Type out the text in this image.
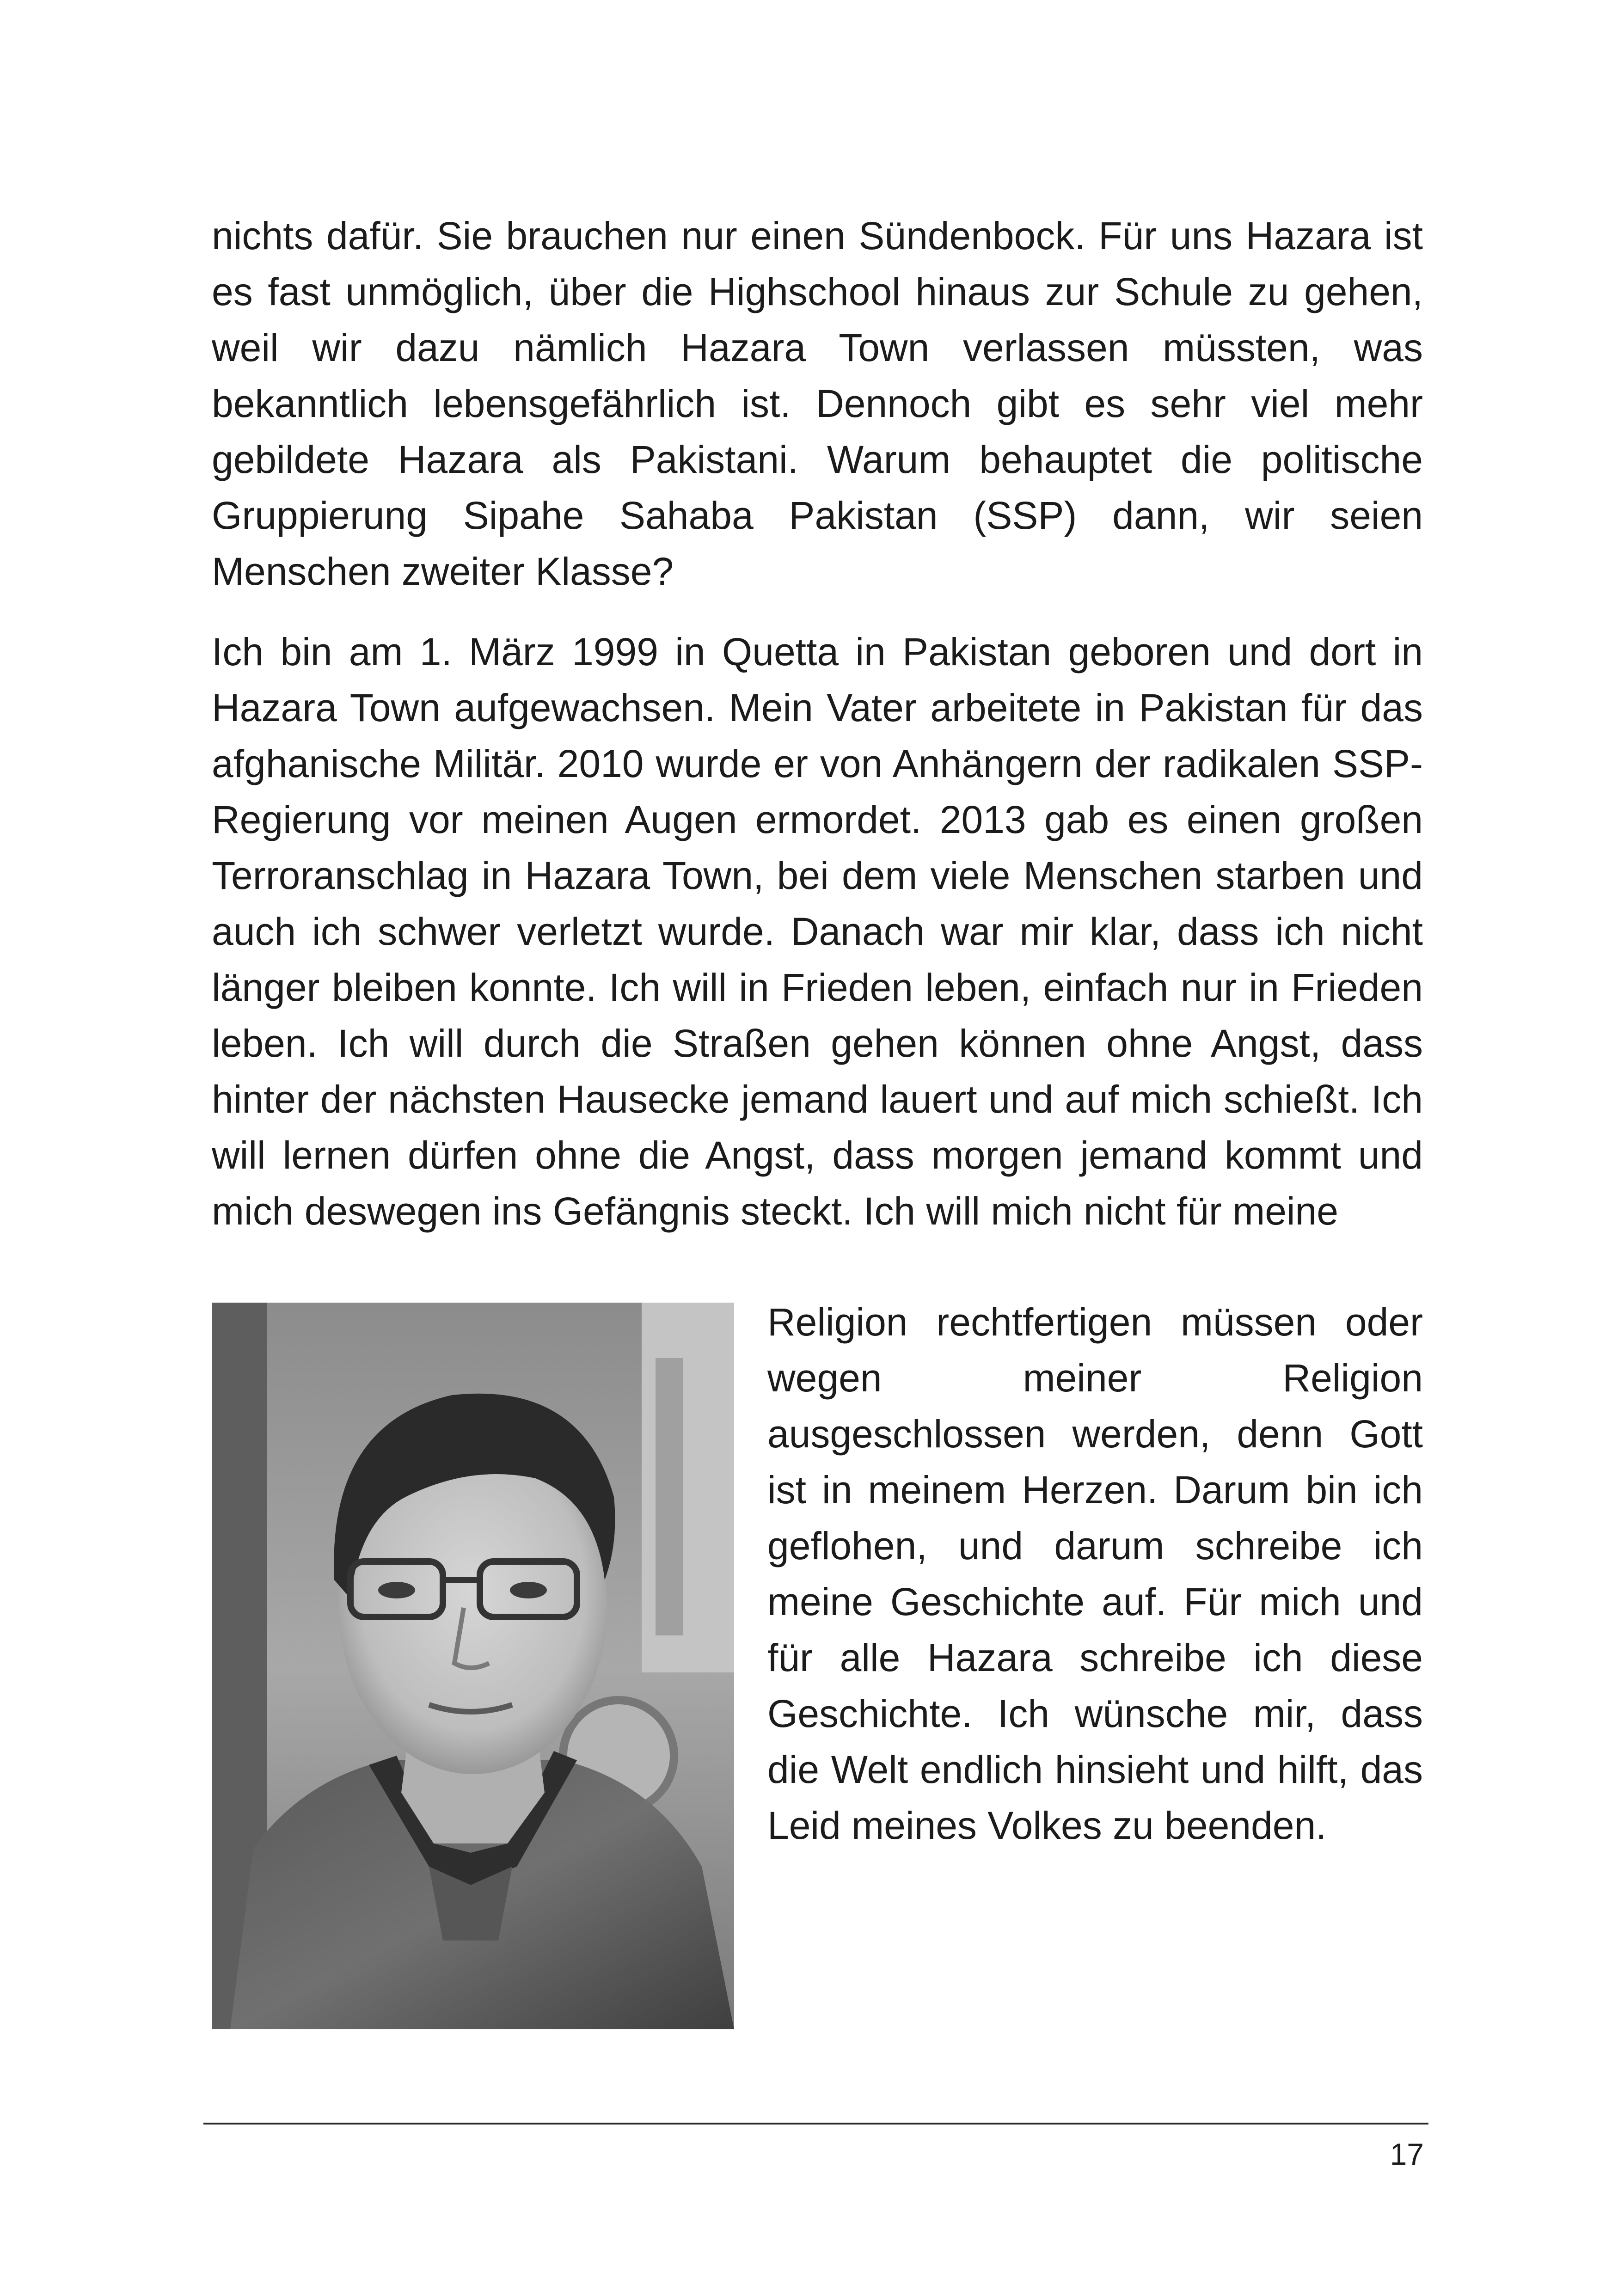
nichts dafür. Sie brauchen nur einen Sündenbock. Für uns Hazara ist es fast unmöglich, über die Highschool hinaus zur Schule zu gehen, weil wir dazu nämlich Hazara Town verlassen müssten, was bekanntlich lebensgefährlich ist. Dennoch gibt es sehr viel mehr gebildete Hazara als Pakistani. Warum behauptet die politische Gruppierung Sipahe Sahaba Pakistan (SSP) dann, wir seien Menschen zweiter Klasse?

Ich bin am 1. März 1999 in Quetta in Pakistan geboren und dort in Hazara Town aufgewachsen. Mein Vater arbeitete in Pakistan für das afghanische Militär. 2010 wurde er von Anhängern der radikalen SSP-Regierung vor meinen Augen ermordet. 2013 gab es einen großen Terroranschlag in Hazara Town, bei dem viele Menschen starben und auch ich schwer verletzt wurde. Danach war mir klar, dass ich nicht länger bleiben konnte. Ich will in Frieden leben, einfach nur in Frieden leben. Ich will durch die Straßen gehen können ohne Angst, dass hinter der nächsten Hausecke jemand lauert und auf mich schießt. Ich will lernen dürfen ohne die Angst, dass morgen jemand kommt und mich deswegen ins Gefängnis steckt. Ich will mich nicht für meine

Religion rechtfertigen müssen oder wegen meiner Religion ausgeschlossen werden, denn Gott ist in meinem Herzen. Darum bin ich geflohen, und darum schreibe ich meine Geschichte auf. Für mich und für alle Hazara schreibe ich diese Geschichte. Ich wünsche mir, dass die Welt endlich hinsieht und hilft, das Leid meines Volkes zu beenden.

17
